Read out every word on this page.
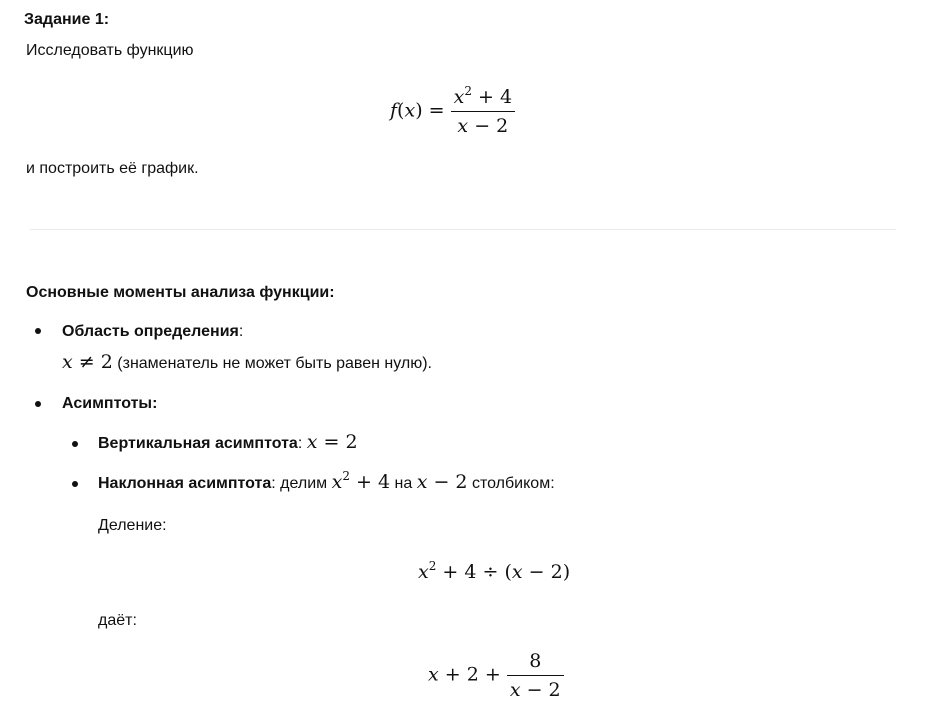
Задание 1:
Исследовать функцию
$f(x) = \frac{x^2 + 4}{x - 2}$
и построить её график.
Основные моменты анализа функции:
Область определения:
x ≠ 2 (знаменатель не может быть равен нулю).
Асимптоты:
Вертикальная асимптота: x = 2
Наклонная асимптота: делим $x^2 + 4$ на x − 2 столбиком:
Деление:
$x^2 + 4 \div (x - 2)$
даёт:
$x + 2 + \frac{8}{x - 2}$
